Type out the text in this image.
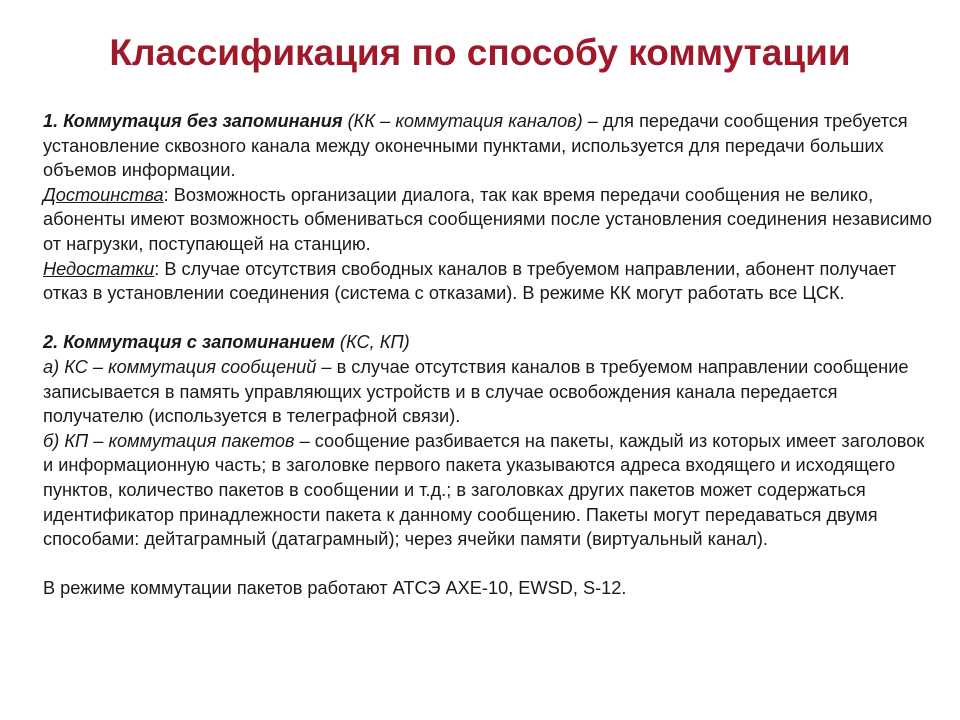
Классификация по способу коммутации

1. Коммутация без запоминания (КК – коммутация каналов) – для передачи сообщения требуется установление сквозного канала между оконечными пунктами, используется для передачи больших объемов информации.

Достоинства: Возможность организации диалога, так как время передачи сообщения не велико, абоненты имеют возможность обмениваться сообщениями после установления соединения независимо от нагрузки, поступающей на станцию.

Недостатки: В случае отсутствия свободных каналов в требуемом направлении, абонент получает отказ в установлении соединения (система с отказами). В режиме КК могут работать все ЦСК.

2. Коммутация с запоминанием (КС, КП)

а) КС – коммутация сообщений – в случае отсутствия каналов в требуемом направлении сообщение записывается в память управляющих устройств и в случае освобождения канала передается получателю (используется в телеграфной связи).

б) КП – коммутация пакетов – сообщение разбивается на пакеты, каждый из которых имеет заголовок и информационную часть; в заголовке первого пакета указываются адреса входящего и исходящего пунктов, количество пакетов в сообщении и т.д.; в заголовках других пакетов может содержаться идентификатор принадлежности пакета к данному сообщению. Пакеты могут передаваться двумя способами: дейтаграмный (датаграмный); через ячейки памяти (виртуальный канал).

В режиме коммутации пакетов работают АТСЭ АХЕ-10, EWSD, S-12.
